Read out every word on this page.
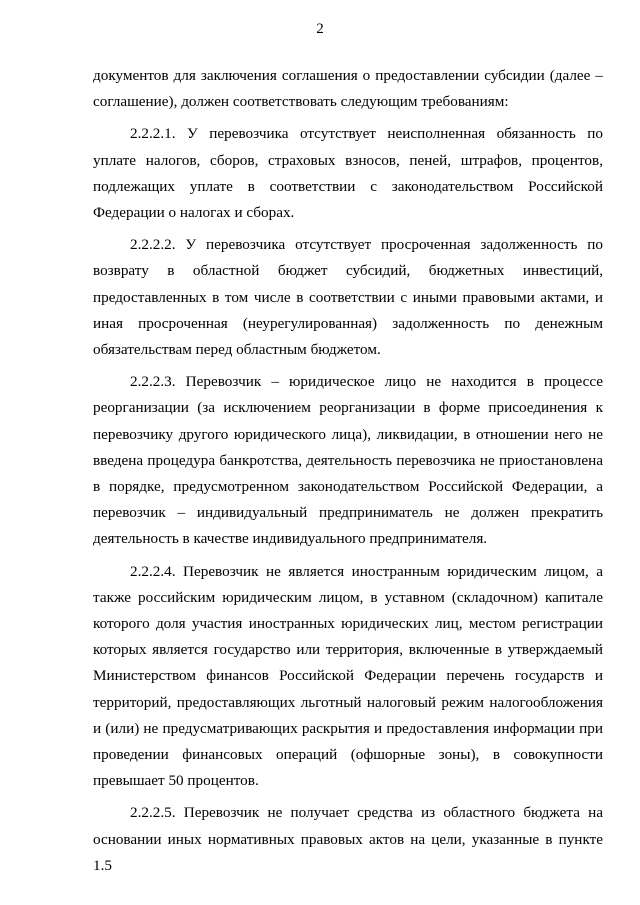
2

документов для заключения соглашения о предоставлении субсидии (далее – соглашение), должен соответствовать следующим требованиям:

2.2.2.1. У перевозчика отсутствует неисполненная обязанность по уплате налогов, сборов, страховых взносов, пеней, штрафов, процентов, подлежащих уплате в соответствии с законодательством Российской Федерации о налогах и сборах.

2.2.2.2. У перевозчика отсутствует просроченная задолженность по возврату в областной бюджет субсидий, бюджетных инвестиций, предоставленных в том числе в соответствии с иными правовыми актами, и иная просроченная (неурегулированная) задолженность по денежным обязательствам перед областным бюджетом.

2.2.2.3. Перевозчик – юридическое лицо не находится в процессе реорганизации (за исключением реорганизации в форме присоединения к перевозчику другого юридического лица), ликвидации, в отношении него не введена процедура банкротства, деятельность перевозчика не приостановлена в порядке, предусмотренном законодательством Российской Федерации, а перевозчик – индивидуальный предприниматель не должен прекратить деятельность в качестве индивидуального предпринимателя.

2.2.2.4. Перевозчик не является иностранным юридическим лицом, а также российским юридическим лицом, в уставном (складочном) капитале которого доля участия иностранных юридических лиц, местом регистрации которых является государство или территория, включенные в утверждаемый Министерством финансов Российской Федерации перечень государств и территорий, предоставляющих льготный налоговый режим налогообложения и (или) не предусматривающих раскрытия и предоставления информации при проведении финансовых операций (офшорные зоны), в совокупности превышает 50 процентов.

2.2.2.5. Перевозчик не получает средства из областного бюджета на основании иных нормативных правовых актов на цели, указанные в пункте 1.5
